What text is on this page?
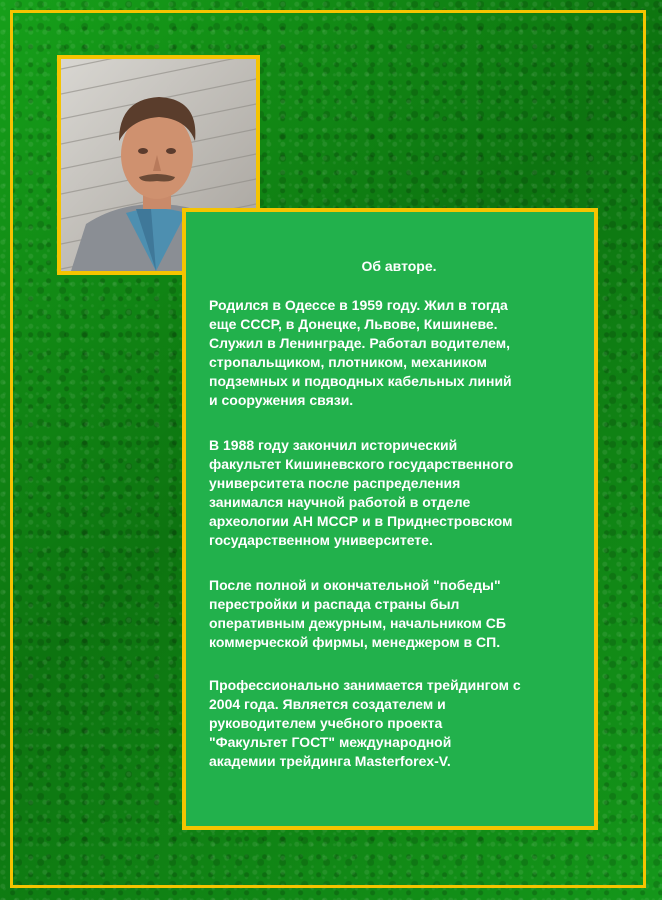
Об авторе.

Родился в Одессе в 1959 году. Жил в тогда
еще СССР, в Донецке, Львове, Кишиневе.
Служил в Ленинграде. Работал водителем,
стропальщиком, плотником, механиком
подземных и подводных кабельных линий
и сооружения связи.

В 1988 году закончил исторический
факультет Кишиневского государственного
университета после распределения
занимался научной работой в отделе
археологии АН МССР и в Приднестровском
государственном университете.

После полной и окончательной "победы"
перестройки и распада страны был
оперативным дежурным, начальником СБ
коммерческой фирмы, менеджером в СП.

Профессионально занимается трейдингом с
2004 года. Является создателем и
руководителем учебного проекта
"Факультет ГОСТ" международной
академии трейдинга Masterforex-V.
